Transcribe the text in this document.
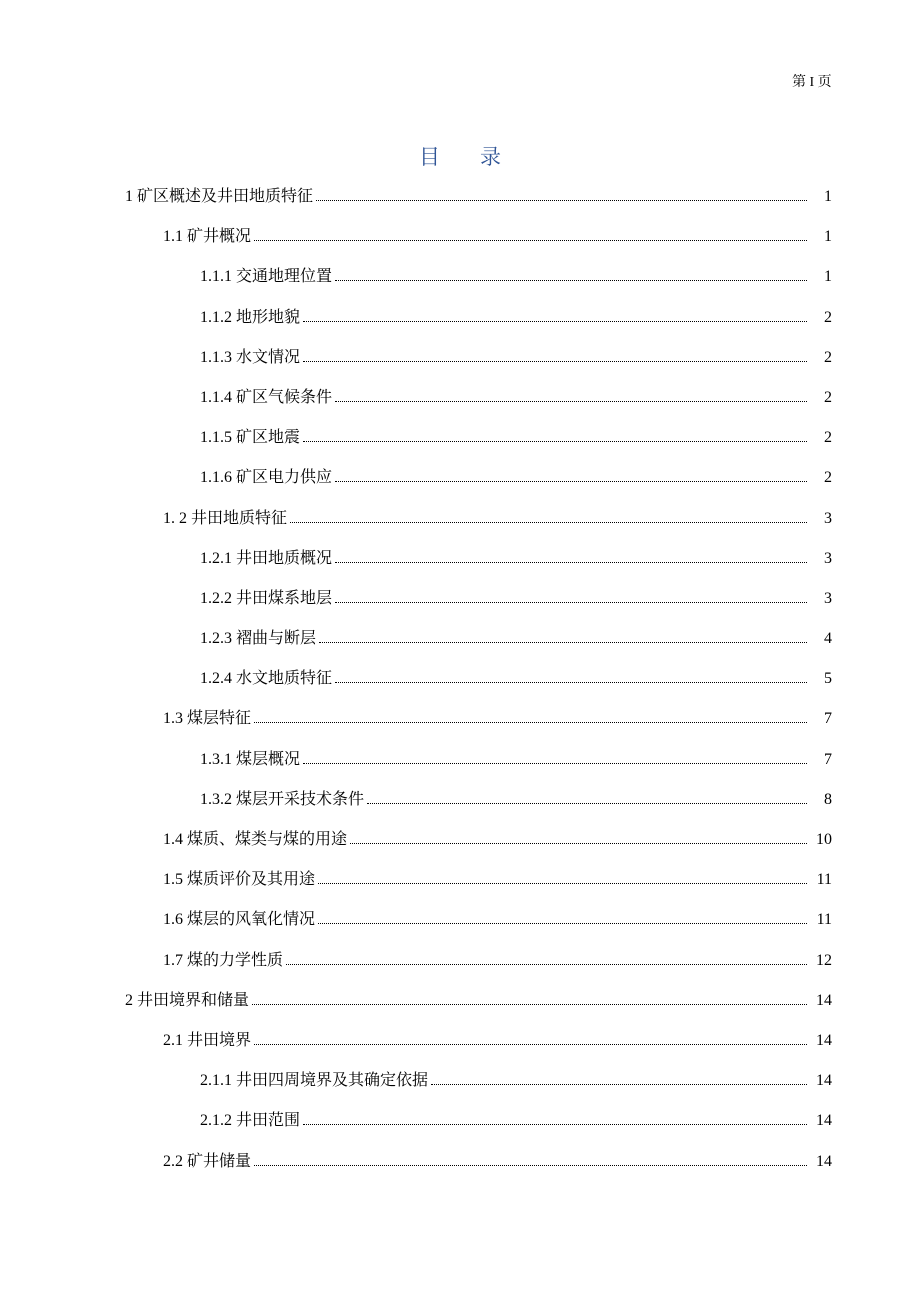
第 I 页
目录
1 矿区概述及井田地质特征	1
1.1 矿井概况	1
1.1.1 交通地理位置	1
1.1.2 地形地貌	2
1.1.3 水文情况	2
1.1.4 矿区气候条件	2
1.1.5 矿区地震	2
1.1.6 矿区电力供应	2
1. 2 井田地质特征	3
1.2.1 井田地质概况	3
1.2.2 井田煤系地层	3
1.2.3 褶曲与断层	4
1.2.4 水文地质特征	5
1.3 煤层特征	7
1.3.1 煤层概况	7
1.3.2 煤层开采技术条件	8
1.4 煤质、煤类与煤的用途	10
1.5 煤质评价及其用途	11
1.6 煤层的风氧化情况	11
1.7 煤的力学性质	12
2 井田境界和储量	14
2.1 井田境界	14
2.1.1 井田四周境界及其确定依据	14
2.1.2 井田范围	14
2.2 矿井储量	14
